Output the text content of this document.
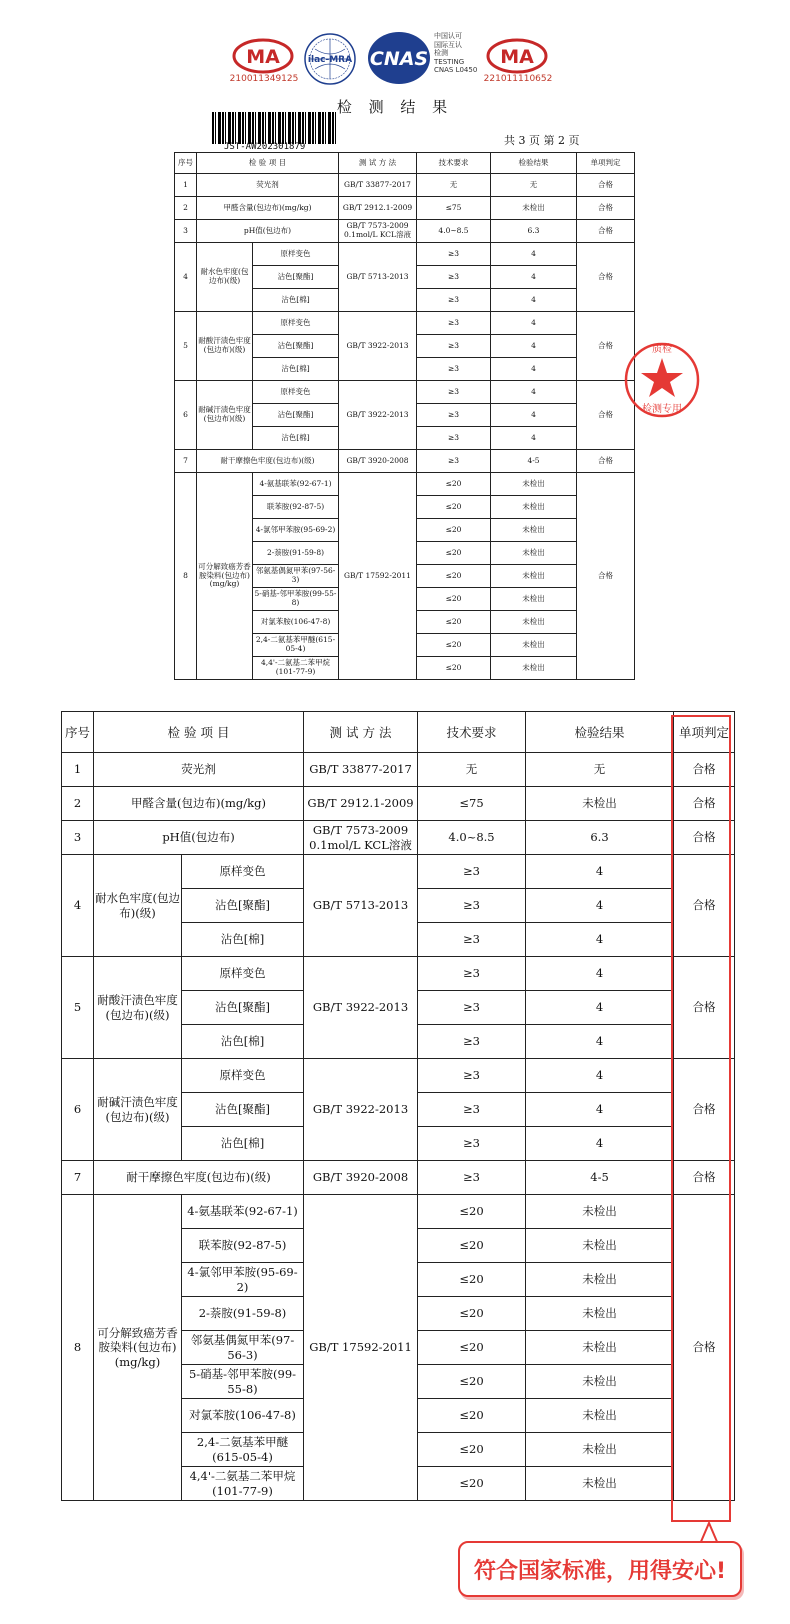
MA
210011349125
ilac-MRA CNAS
中国认可
国际互认
检测
TESTING
CNAS L0450
MA
221011110652
检 测 结 果
JST-AW202301879	共 3 页 第 2 页
序号	检 验 项 目		测 试 方 法	技术要求	检验结果	单项判定
1	荧光剂		GB/T 33877-2017	无	无	合格
2	甲醛含量(包边布)(mg/kg)		GB/T 2912.1-2009	≤75	未检出	合格
3	pH值(包边布)		GB/T 7573-2009 0.1mol/L KCL溶液	4.0~8.5	6.3	合格
4	耐水色牢度(包边布)(级)	原样变色	GB/T 5713-2013	≥3	4	合格
		沾色[聚酯]		≥3	4	
		沾色[棉]		≥3	4	
5	耐酸汗渍色牢度(包边布)(级)	原样变色	GB/T 3922-2013	≥3	4	合格
		沾色[聚酯]		≥3	4	
		沾色[棉]		≥3	4	
6	耐碱汗渍色牢度(包边布)(级)	原样变色	GB/T 3922-2013	≥3	4	合格
		沾色[聚酯]		≥3	4	
		沾色[棉]		≥3	4	
7	耐干摩擦色牢度(包边布)(级)		GB/T 3920-2008	≥3	4-5	合格
8	可分解致癌芳香胺染料(包边布)(mg/kg)	4-氨基联苯(92-67-1)	GB/T 17592-2011	≤20	未检出	合格
		联苯胺(92-87-5)		≤20	未检出	
		4-氯邻甲苯胺(95-69-2)		≤20	未检出	
		2-萘胺(91-59-8)		≤20	未检出	
		邻氨基偶氮甲苯(97-56-3)		≤20	未检出	
		5-硝基-邻甲苯胺(99-55-8)		≤20	未检出	
		对氯苯胺(106-47-8)		≤20	未检出	
		2,4-二氨基苯甲醚(615-05-4)		≤20	未检出	
		4,4'-二氨基二苯甲烷(101-77-9)		≤20	未检出	
质检
检测专用
序号	检 验 项 目		测 试 方 法	技术要求	检验结果	单项判定
1	荧光剂		GB/T 33877-2017	无	无	合格
2	甲醛含量(包边布)(mg/kg)		GB/T 2912.1-2009	≤75	未检出	合格
3	pH值(包边布)		GB/T 7573-2009 0.1mol/L KCL溶液	4.0~8.5	6.3	合格
4	耐水色牢度(包边布)(级)	原样变色	GB/T 5713-2013	≥3	4	合格
		沾色[聚酯]		≥3	4	
		沾色[棉]		≥3	4	
5	耐酸汗渍色牢度(包边布)(级)	原样变色	GB/T 3922-2013	≥3	4	合格
		沾色[聚酯]		≥3	4	
		沾色[棉]		≥3	4	
6	耐碱汗渍色牢度(包边布)(级)	原样变色	GB/T 3922-2013	≥3	4	合格
		沾色[聚酯]		≥3	4	
		沾色[棉]		≥3	4	
7	耐干摩擦色牢度(包边布)(级)		GB/T 3920-2008	≥3	4-5	合格
8	可分解致癌芳香胺染料(包边布)(mg/kg)	4-氨基联苯(92-67-1)	GB/T 17592-2011	≤20	未检出	合格
		联苯胺(92-87-5)		≤20	未检出	
		4-氯邻甲苯胺(95-69-2)		≤20	未检出	
		2-萘胺(91-59-8)		≤20	未检出	
		邻氨基偶氮甲苯(97-56-3)		≤20	未检出	
		5-硝基-邻甲苯胺(99-55-8)		≤20	未检出	
		对氯苯胺(106-47-8)		≤20	未检出	
		2,4-二氨基苯甲醚(615-05-4)		≤20	未检出	
		4,4'-二氨基二苯甲烷(101-77-9)		≤20	未检出	
符合国家标准，用得安心!
